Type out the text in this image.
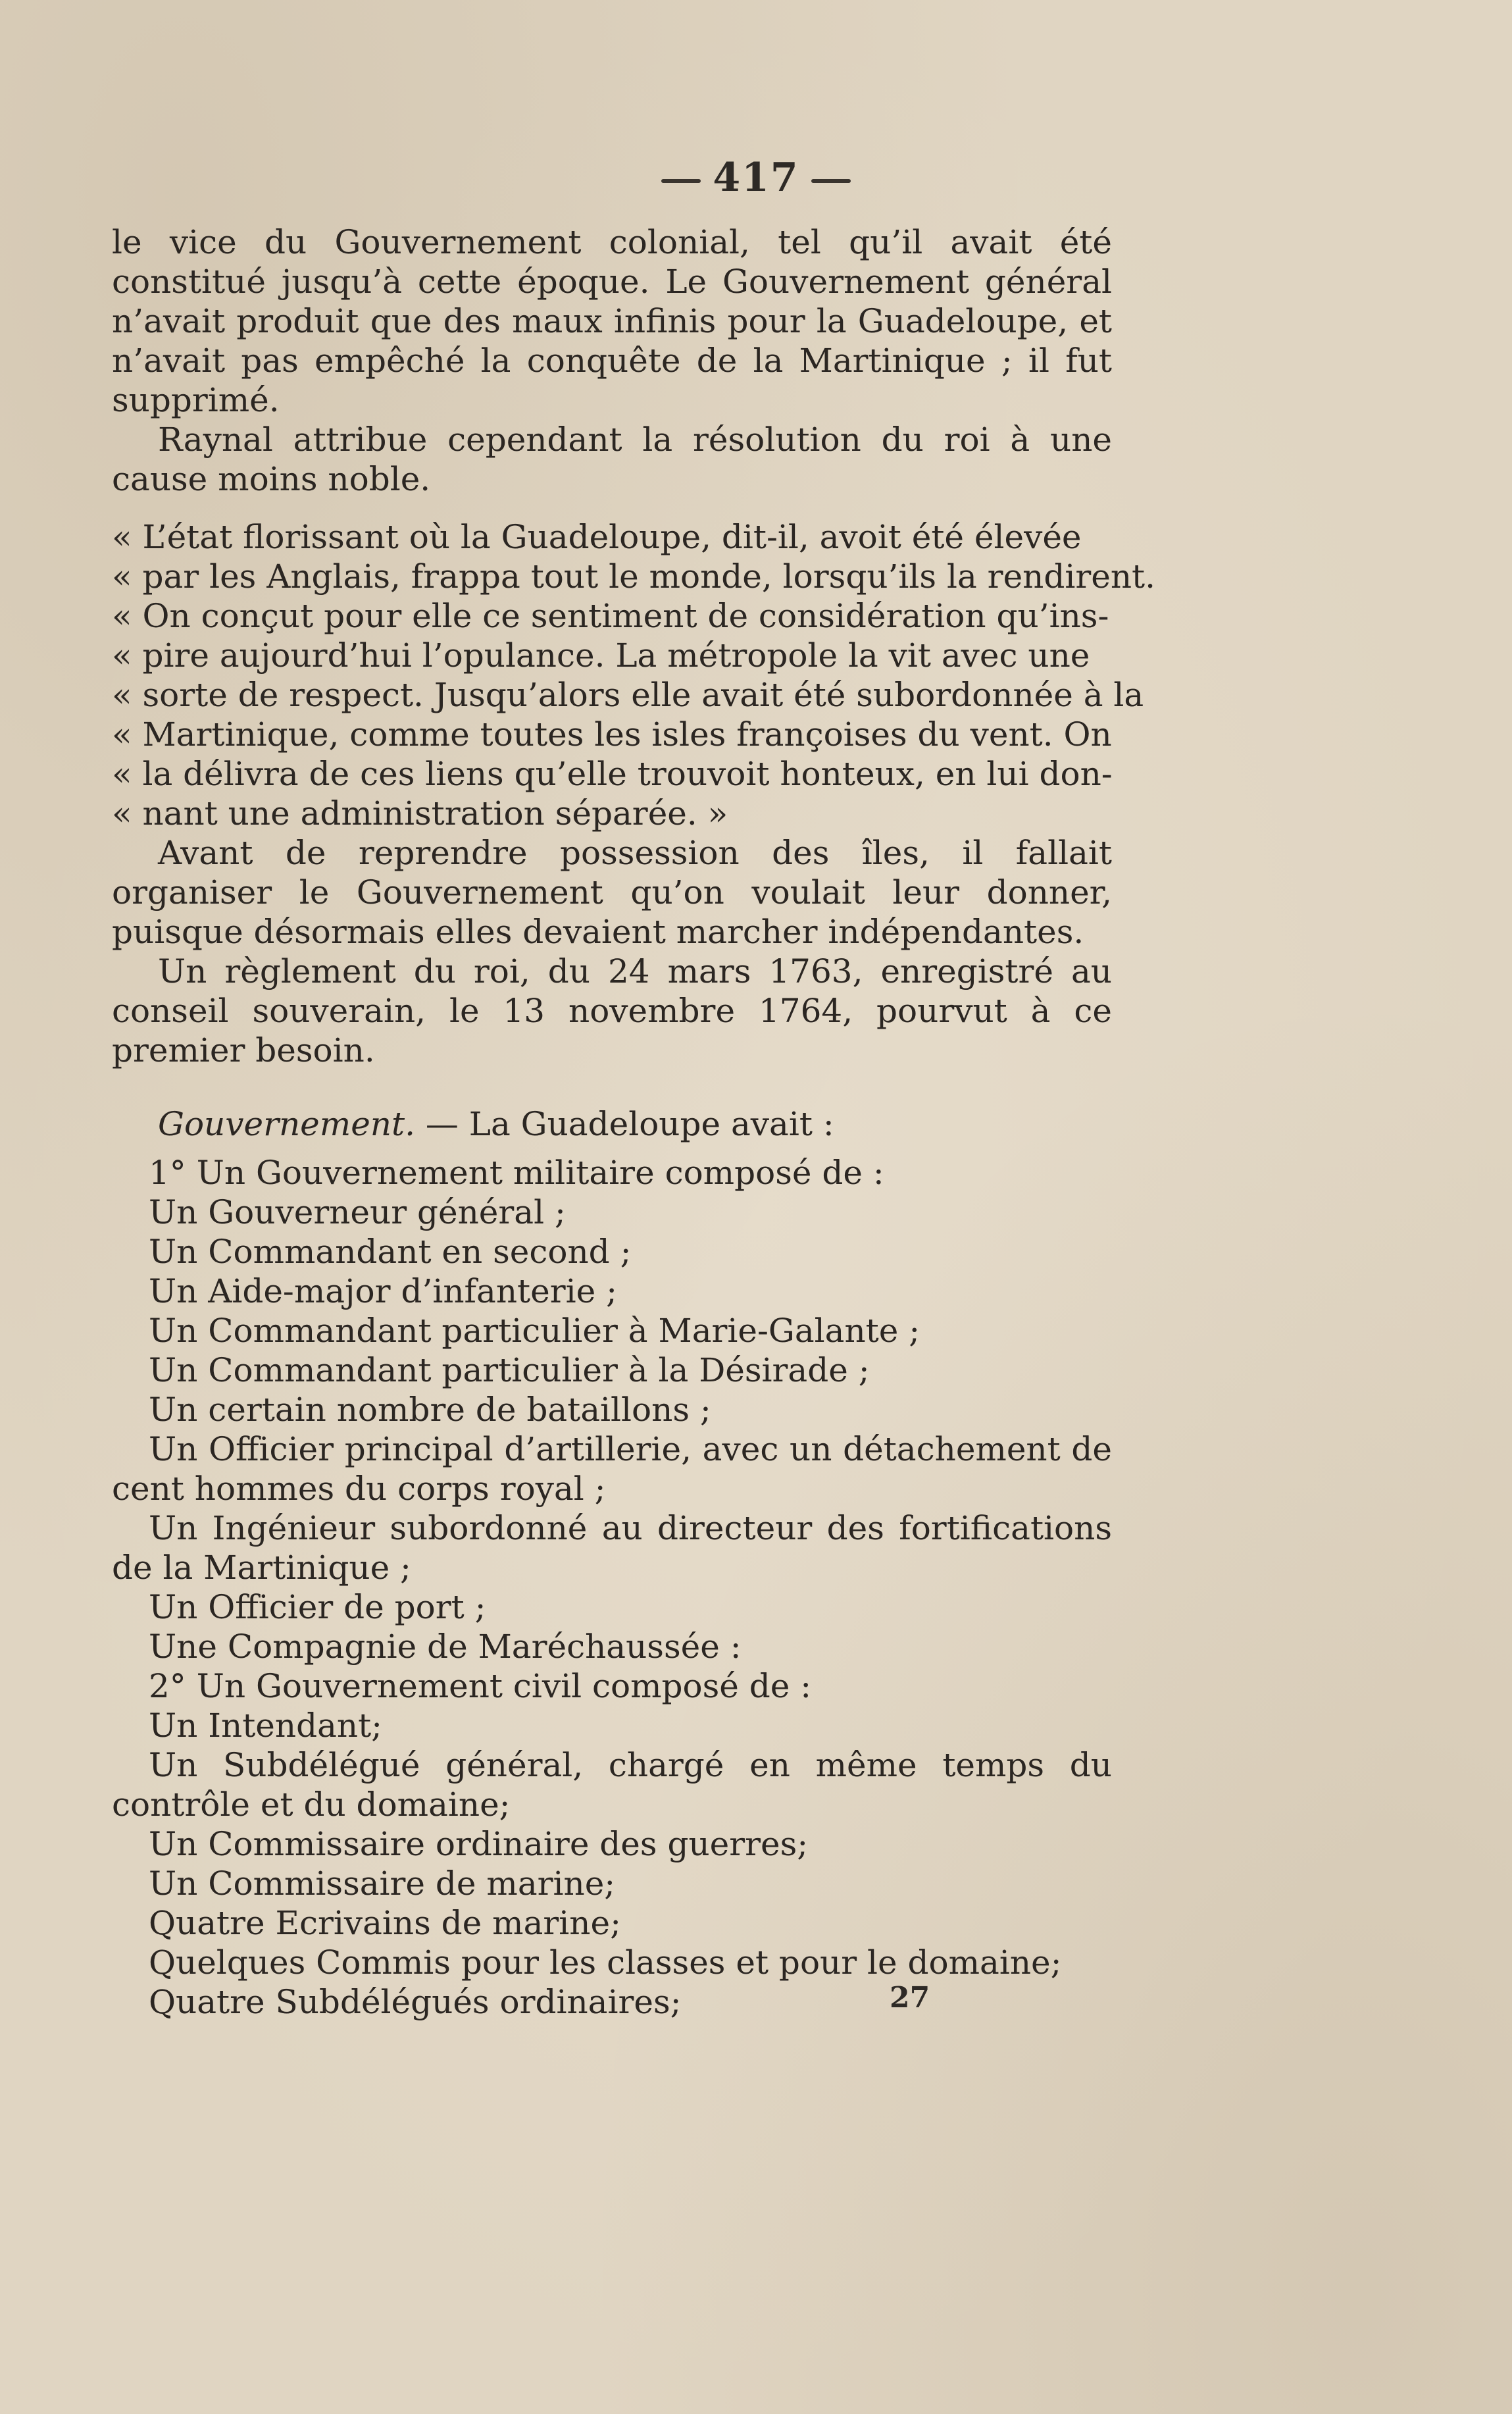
417

le vice du Gouvernement colonial, tel qu’il avait été constitué jusqu’à cette époque. Le Gouvernement général n’avait produit que des maux infinis pour la Guadeloupe, et n’avait pas empêché la conquête de la Martinique ; il fut supprimé.

Raynal attribue cependant la résolution du roi à une cause moins noble.

« L’état florissant où la Guadeloupe, dit-il, avoit été élevée
« par les Anglais, frappa tout le monde, lorsqu’ils la rendirent.
« On conçut pour elle ce sentiment de considération qu’ins-
« pire aujourd’hui l’opulance. La métropole la vit avec une
« sorte de respect. Jusqu’alors elle avait été subordonnée à la
« Martinique, comme toutes les isles françoises du vent. On
« la délivra de ces liens qu’elle trouvoit honteux, en lui don-
« nant une administration séparée. »

Avant de reprendre possession des îles, il fallait organiser le Gouvernement qu’on voulait leur donner, puisque désormais elles devaient marcher indépendantes.

Un règlement du roi, du 24 mars 1763, enregistré au conseil souverain, le 13 novembre 1764, pourvut à ce premier besoin.

Gouvernement. — La Guadeloupe avait :

1° Un Gouvernement militaire composé de :

Un Gouverneur général ;
Un Commandant en second ;
Un Aide-major d’infanterie ;
Un Commandant particulier à Marie-Galante ;
Un Commandant particulier à la Désirade ;
Un certain nombre de bataillons ;
Un Officier principal d’artillerie, avec un détachement de cent hommes du corps royal ;
Un Ingénieur subordonné au directeur des fortifications de la Martinique ;
Un Officier de port ;
Une Compagnie de Maréchaussée :

2° Un Gouvernement civil composé de :

Un Intendant;
Un Subdélégué général, chargé en même temps du contrôle et du domaine;
Un Commissaire ordinaire des guerres;
Un Commissaire de marine;
Quatre Ecrivains de marine;
Quelques Commis pour les classes et pour le domaine;
Quatre Subdélégués ordinaires;	27
